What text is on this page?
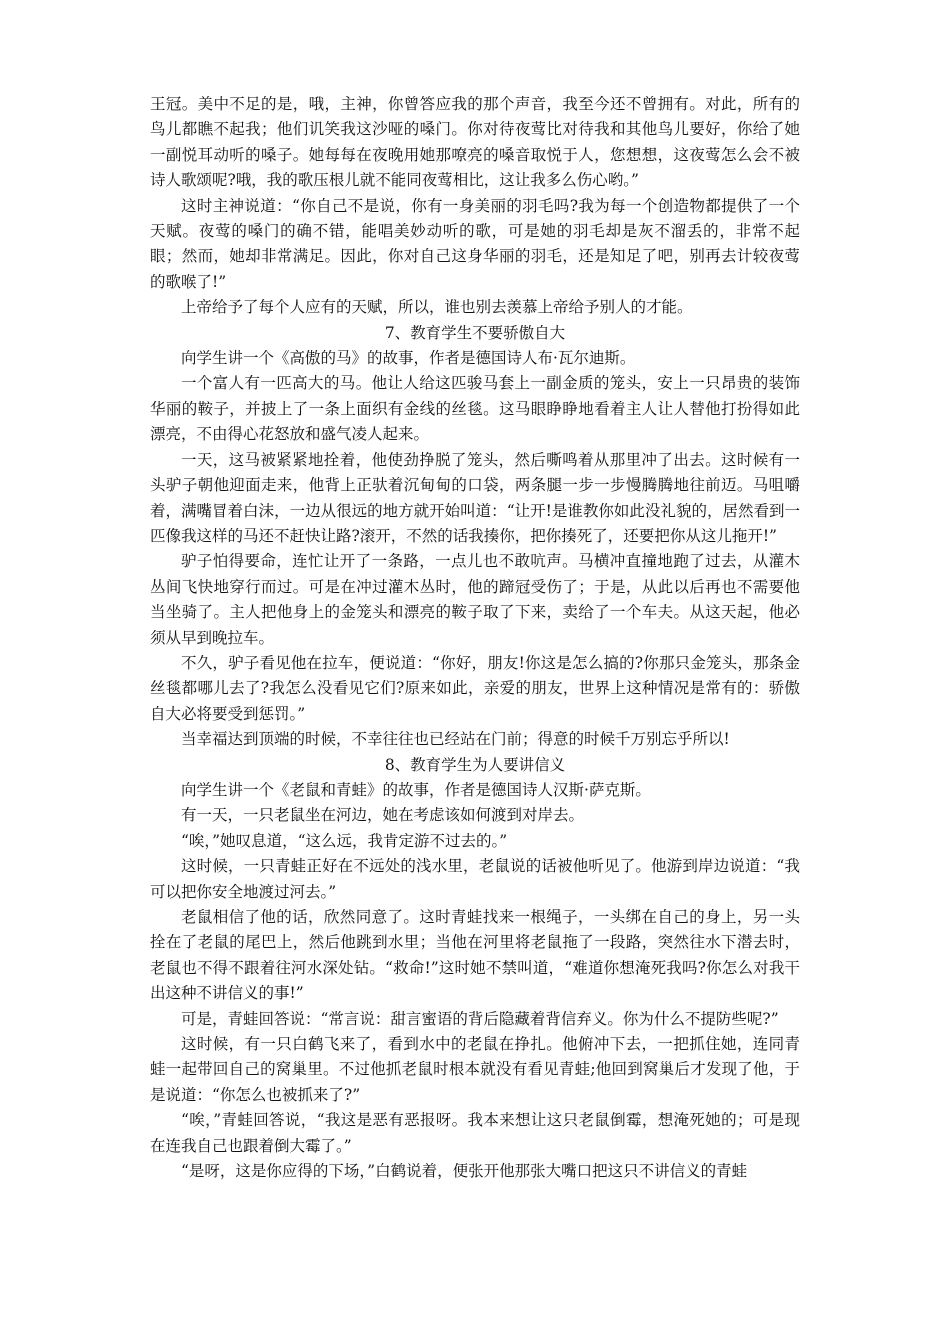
王冠。美中不足的是，哦，主神，你曾答应我的那个声音，我至今还不曾拥有。对此，所有的鸟儿都瞧不起我；他们讥笑我这沙哑的嗓门。你对待夜莺比对待我和其他鸟儿要好，你给了她一副悦耳动听的嗓子。她每每在夜晚用她那嘹亮的嗓音取悦于人，您想想，这夜莺怎么会不被诗人歌颂呢?哦，我的歌压根儿就不能同夜莺相比，这让我多么伤心哟。”

这时主神说道：“你自己不是说，你有一身美丽的羽毛吗?我为每一个创造物都提供了一个天赋。夜莺的嗓门的确不错，能唱美妙动听的歌，可是她的羽毛却是灰不溜丢的，非常不起眼；然而，她却非常满足。因此，你对自己这身华丽的羽毛，还是知足了吧，别再去计较夜莺的歌喉了!”

上帝给予了每个人应有的天赋，所以，谁也别去羡慕上帝给予别人的才能。

7、教育学生不要骄傲自大

向学生讲一个《高傲的马》的故事，作者是德国诗人布·瓦尔迪斯。

一个富人有一匹高大的马。他让人给这匹骏马套上一副金质的笼头，安上一只昂贵的装饰华丽的鞍子，并披上了一条上面织有金线的丝毯。这马眼睁睁地看着主人让人替他打扮得如此漂亮，不由得心花怒放和盛气凌人起来。

一天，这马被紧紧地拴着，他使劲挣脱了笼头，然后嘶鸣着从那里冲了出去。这时候有一头驴子朝他迎面走来，他背上正驮着沉甸甸的口袋，两条腿一步一步慢腾腾地往前迈。马咀嚼着，满嘴冒着白沫，一边从很远的地方就开始叫道：“让开!是谁教你如此没礼貌的，居然看到一匹像我这样的马还不赶快让路?滚开，不然的话我揍你，把你揍死了，还要把你从这儿拖开!”

驴子怕得要命，连忙让开了一条路，一点儿也不敢吭声。马横冲直撞地跑了过去，从灌木丛间飞快地穿行而过。可是在冲过灌木丛时，他的蹄冠受伤了；于是，从此以后再也不需要他当坐骑了。主人把他身上的金笼头和漂亮的鞍子取了下来，卖给了一个车夫。从这天起，他必须从早到晚拉车。

不久，驴子看见他在拉车，便说道：“你好，朋友!你这是怎么搞的?你那只金笼头，那条金丝毯都哪儿去了?我怎么没看见它们?原来如此，亲爱的朋友，世界上这种情况是常有的：骄傲自大必将要受到惩罚。”

当幸福达到顶端的时候，不幸往往也已经站在门前；得意的时候千万别忘乎所以!

8、教育学生为人要讲信义

向学生讲一个《老鼠和青蛙》的故事，作者是德国诗人汉斯·萨克斯。

有一天，一只老鼠坐在河边，她在考虑该如何渡到对岸去。

“唉，”她叹息道，“这么远，我肯定游不过去的。”

这时候，一只青蛙正好在不远处的浅水里，老鼠说的话被他听见了。他游到岸边说道：“我可以把你安全地渡过河去。”

老鼠相信了他的话，欣然同意了。这时青蛙找来一根绳子，一头绑在自己的身上，另一头拴在了老鼠的尾巴上，然后他跳到水里；当他在河里将老鼠拖了一段路，突然往水下潜去时，老鼠也不得不跟着往河水深处钻。“救命!”这时她不禁叫道，“难道你想淹死我吗?你怎么对我干出这种不讲信义的事!”

可是，青蛙回答说：“常言说：甜言蜜语的背后隐藏着背信弃义。你为什么不提防些呢?”

这时候，有一只白鹤飞来了，看到水中的老鼠在挣扎。他俯冲下去，一把抓住她，连同青蛙一起带回自己的窝巢里。不过他抓老鼠时根本就没有看见青蛙;他回到窝巢后才发现了他，于是说道：“你怎么也被抓来了?”

“唉，”青蛙回答说，“我这是恶有恶报呀。我本来想让这只老鼠倒霉，想淹死她的；可是现在连我自己也跟着倒大霉了。”

“是呀，这是你应得的下场，”白鹤说着，便张开他那张大嘴口把这只不讲信义的青蛙
